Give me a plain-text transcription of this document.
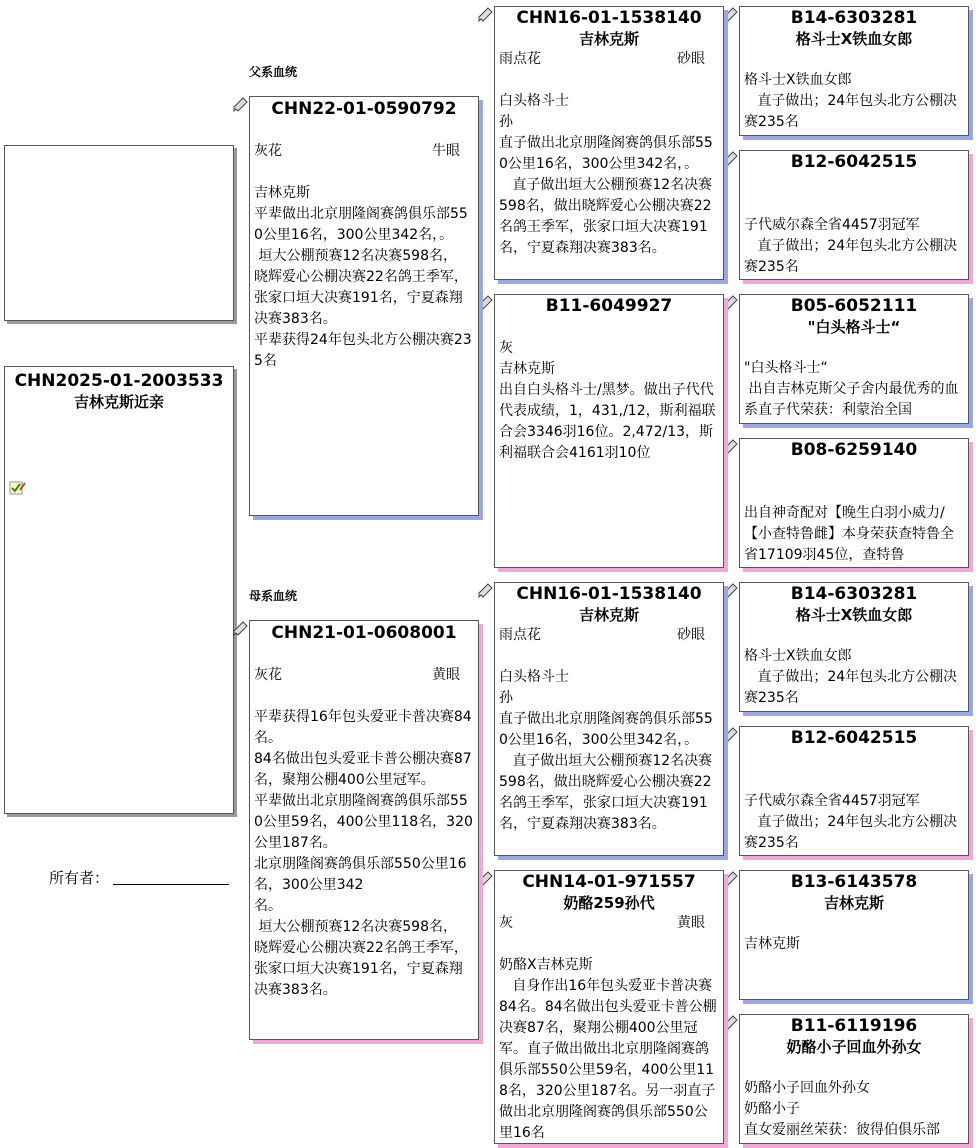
父系血统
母系血统
CHN2025-01-2003533
吉林克斯近亲
所有者：
CHN22-01-0590792
灰花	牛眼
吉林克斯
平辈做出北京朋隆阁赛鸽俱乐部550公里16名，300公里342名，。
垣大公棚预赛12名决赛598名，
晓辉爱心公棚决赛22名鸽王季军，
张家口垣大决赛191名，宁夏森翔决赛383名。
平辈获得24年包头北方公棚决赛235名
CHN21-01-0608001
灰花	黄眼
平辈获得16年包头爱亚卡普决赛84名。
84名做出包头爱亚卡普公棚决赛87名，聚翔公棚400公里冠军。
平辈做出北京朋隆阁赛鸽俱乐部550公里59名，400公里118名，320公里187名。
北京朋隆阁赛鸽俱乐部550公里16名，300公里342
名。
垣大公棚预赛12名决赛598名，
晓辉爱心公棚决赛22名鸽王季军，
张家口垣大决赛191名，宁夏森翔决赛383名。
CHN16-01-1538140
吉林克斯
雨点花	砂眼
白头格斗士
孙
直子做出北京朋隆阁赛鸽俱乐部550公里16名，300公里342名，。
直子做出垣大公棚预赛12名决赛598名，做出晓辉爱心公棚决赛22名鸽王季军，张家口垣大决赛191名，宁夏森翔决赛383名。
B11-6049927
灰
吉林克斯
出自白头格斗士/黑梦。做出子代代代表成绩，1，431,/12，斯利福联合会3346羽16位。2,472/13，斯利福联合会4161羽10位
CHN16-01-1538140
吉林克斯
雨点花	砂眼
白头格斗士
孙
直子做出北京朋隆阁赛鸽俱乐部550公里16名，300公里342名，。
直子做出垣大公棚预赛12名决赛598名，做出晓辉爱心公棚决赛22名鸽王季军，张家口垣大决赛191名，宁夏森翔决赛383名。
CHN14-01-971557
奶酪259孙代
灰	黄眼
奶酪X吉林克斯
自身作出16年包头爱亚卡普决赛84名。84名做出包头爱亚卡普公棚决赛87名，聚翔公棚400公里冠军。直子做出做出北京朋隆阁赛鸽俱乐部550公里59名，400公里118名，320公里187名。另一羽直子做出北京朋隆阁赛鸽俱乐部550公里16名
B14-6303281
格斗士X铁血女郎
格斗士X铁血女郎
直子做出；24年包头北方公棚决赛235名
B12-6042515
子代威尔森全省4457羽冠军
直子做出；24年包头北方公棚决赛235名
B05-6052111
"白头格斗士“
"白头格斗士“
出自吉林克斯父子舍内最优秀的血系直子代荣获：利蒙治全国
B08-6259140
出自神奇配对【晚生白羽小威力/【小查特鲁雌】本身荣获查特鲁全省17109羽45位，查特鲁
B14-6303281
格斗士X铁血女郎
格斗士X铁血女郎
直子做出；24年包头北方公棚决赛235名
B12-6042515
子代威尔森全省4457羽冠军
直子做出；24年包头北方公棚决赛235名
B13-6143578
吉林克斯
吉林克斯
B11-6119196
奶酪小子回血外孙女
奶酪小子回血外孙女
奶酪小子
直女爱丽丝荣获：彼得伯俱乐部
